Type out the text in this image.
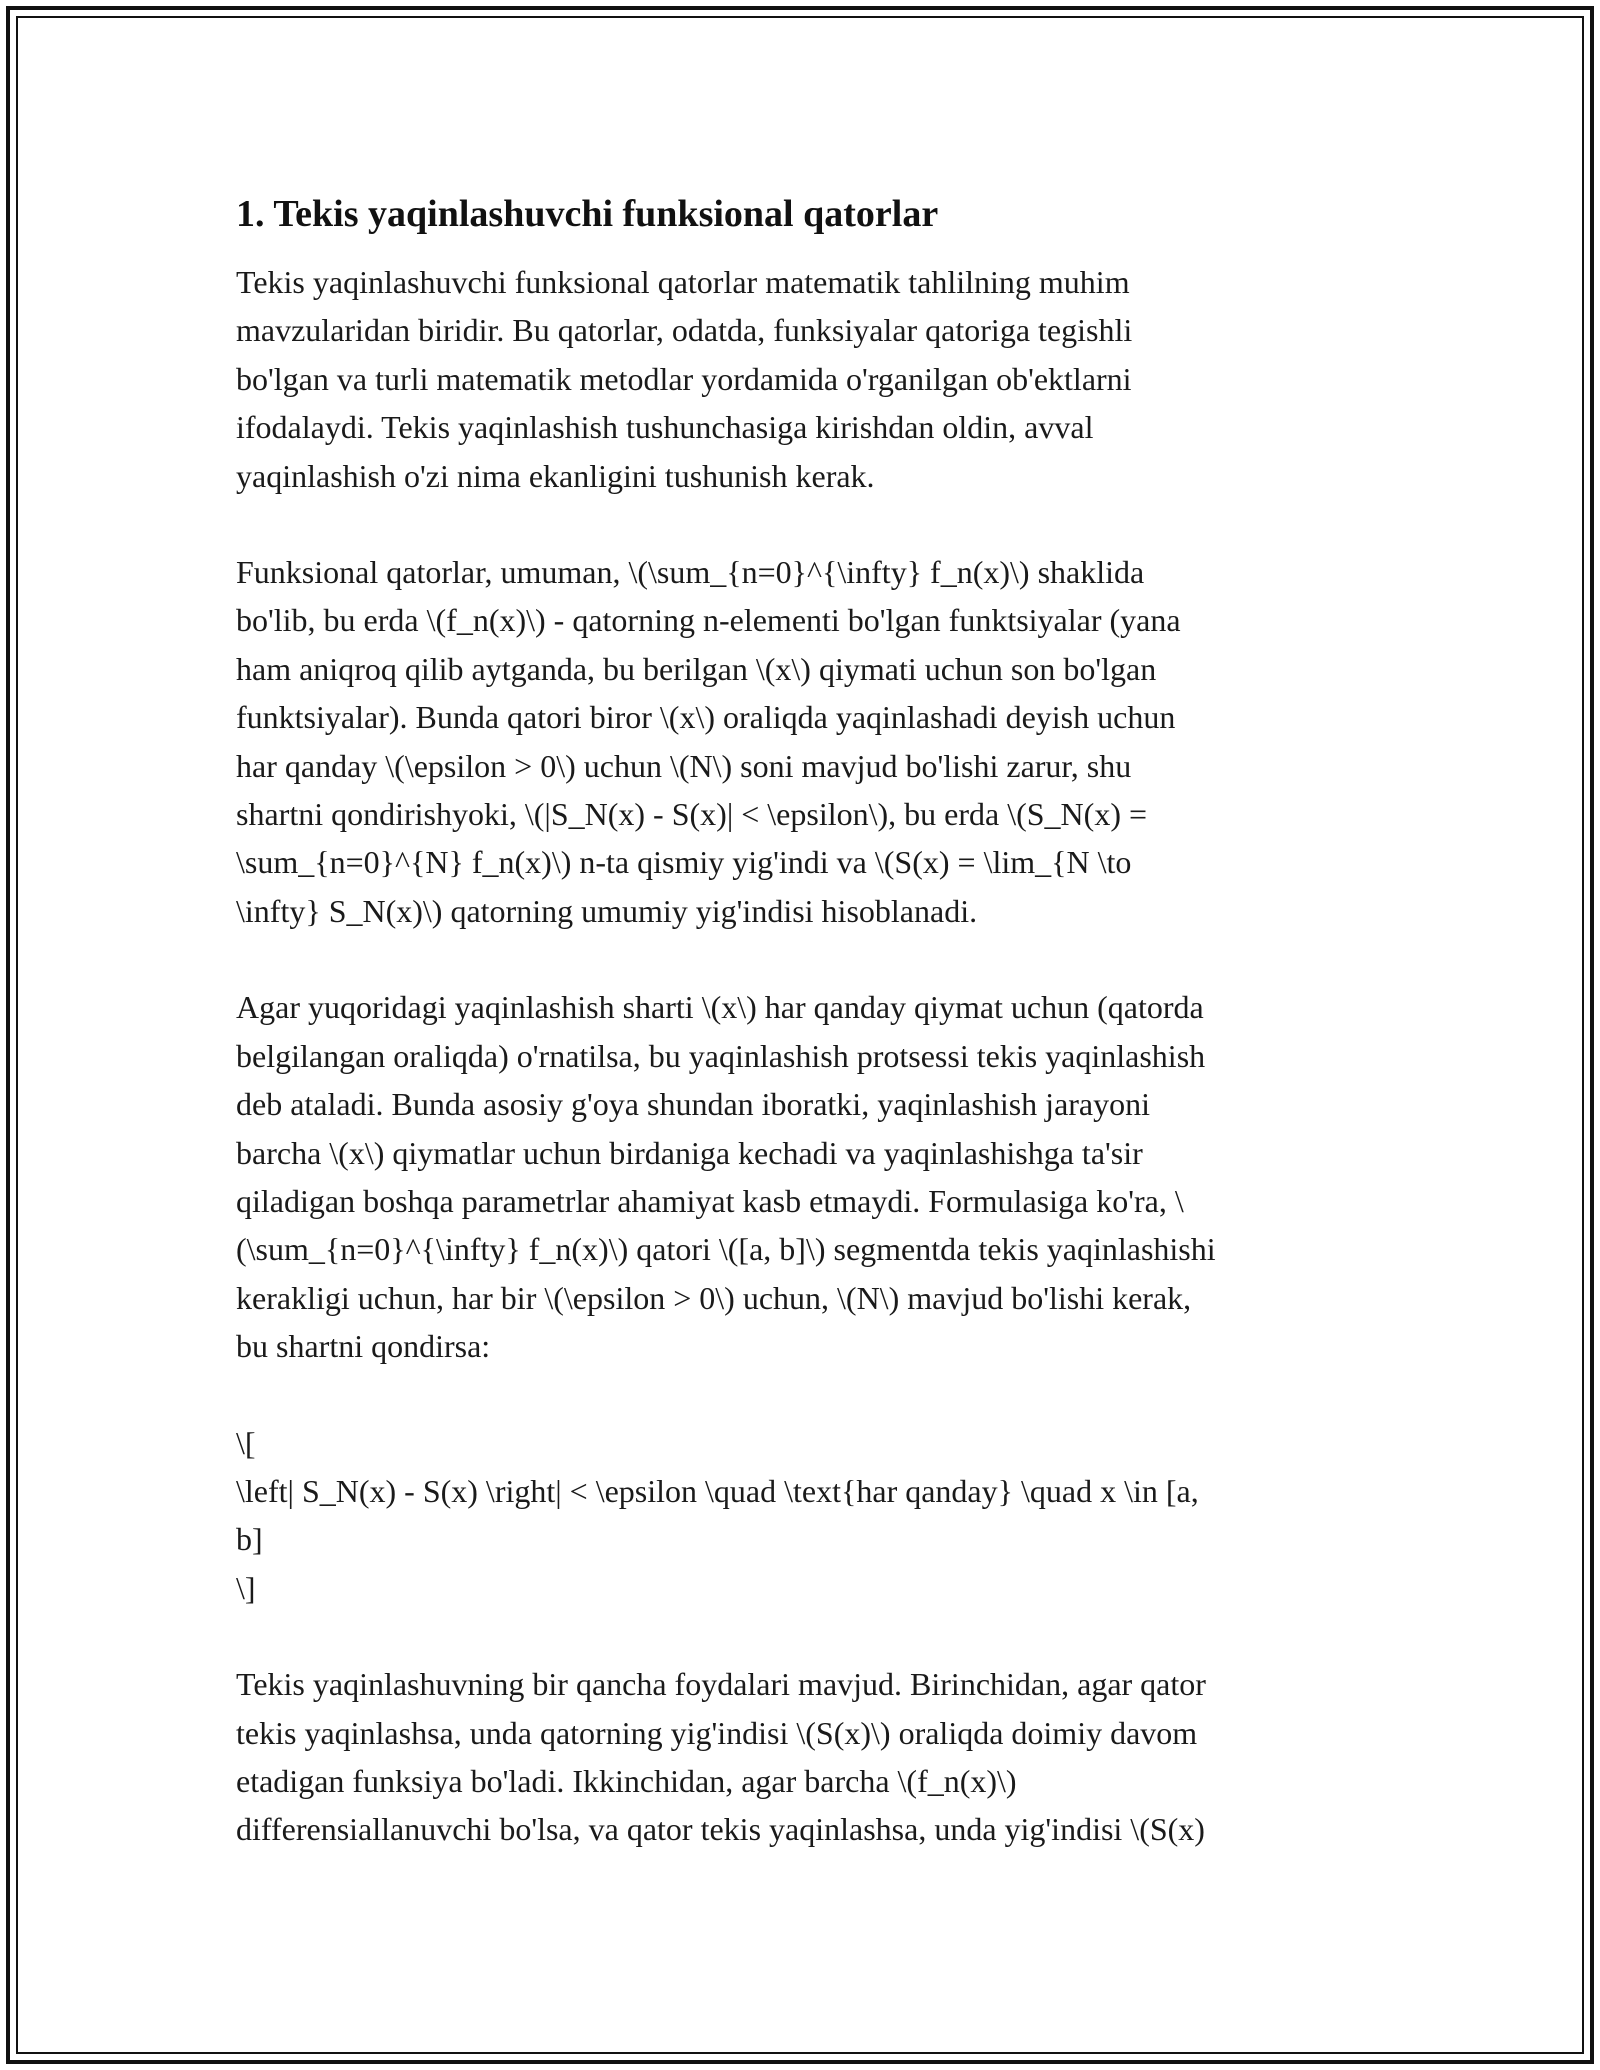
1. Tekis yaqinlashuvchi funksional qatorlar
Tekis yaqinlashuvchi funksional qatorlar matematik tahlilning muhim
mavzularidan biridir. Bu qatorlar, odatda, funksiyalar qatoriga tegishli
bo'lgan va turli matematik metodlar yordamida o'rganilgan ob'ektlarni
ifodalaydi. Tekis yaqinlashish tushunchasiga kirishdan oldin, avval
yaqinlashish o'zi nima ekanligini tushunish kerak.
Funksional qatorlar, umuman, \(\sum_{n=0}^{\infty} f_n(x)\) shaklida
bo'lib, bu erda \(f_n(x)\) - qatorning n-elementi bo'lgan funktsiyalar (yana
ham aniqroq qilib aytganda, bu berilgan \(x\) qiymati uchun son bo'lgan
funktsiyalar). Bunda qatori biror \(x\) oraliqda yaqinlashadi deyish uchun
har qanday \(\epsilon > 0\) uchun \(N\) soni mavjud bo'lishi zarur, shu
shartni qondirishyoki, \(|S_N(x) - S(x)| < \epsilon\), bu erda \(S_N(x) =
\sum_{n=0}^{N} f_n(x)\) n-ta qismiy yig'indi va \(S(x) = \lim_{N \to
\infty} S_N(x)\) qatorning umumiy yig'indisi hisoblanadi.
Agar yuqoridagi yaqinlashish sharti \(x\) har qanday qiymat uchun (qatorda
belgilangan oraliqda) o'rnatilsa, bu yaqinlashish protsessi tekis yaqinlashish
deb ataladi. Bunda asosiy g'oya shundan iboratki, yaqinlashish jarayoni
barcha \(x\) qiymatlar uchun birdaniga kechadi va yaqinlashishga ta'sir
qiladigan boshqa parametrlar ahamiyat kasb etmaydi. Formulasiga ko'ra, \
(\sum_{n=0}^{\infty} f_n(x)\) qatori \([a, b]\) segmentda tekis yaqinlashishi
kerakligi uchun, har bir \(\epsilon > 0\) uchun, \(N\) mavjud bo'lishi kerak,
bu shartni qondirsa:
\[
\left| S_N(x) - S(x) \right| < \epsilon \quad \text{har qanday} \quad x \in [a,
b]
\]
Tekis yaqinlashuvning bir qancha foydalari mavjud. Birinchidan, agar qator
tekis yaqinlashsa, unda qatorning yig'indisi \(S(x)\) oraliqda doimiy davom
etadigan funksiya bo'ladi. Ikkinchidan, agar barcha \(f_n(x)\)
differensiallanuvchi bo'lsa, va qator tekis yaqinlashsa, unda yig'indisi \(S(x)
